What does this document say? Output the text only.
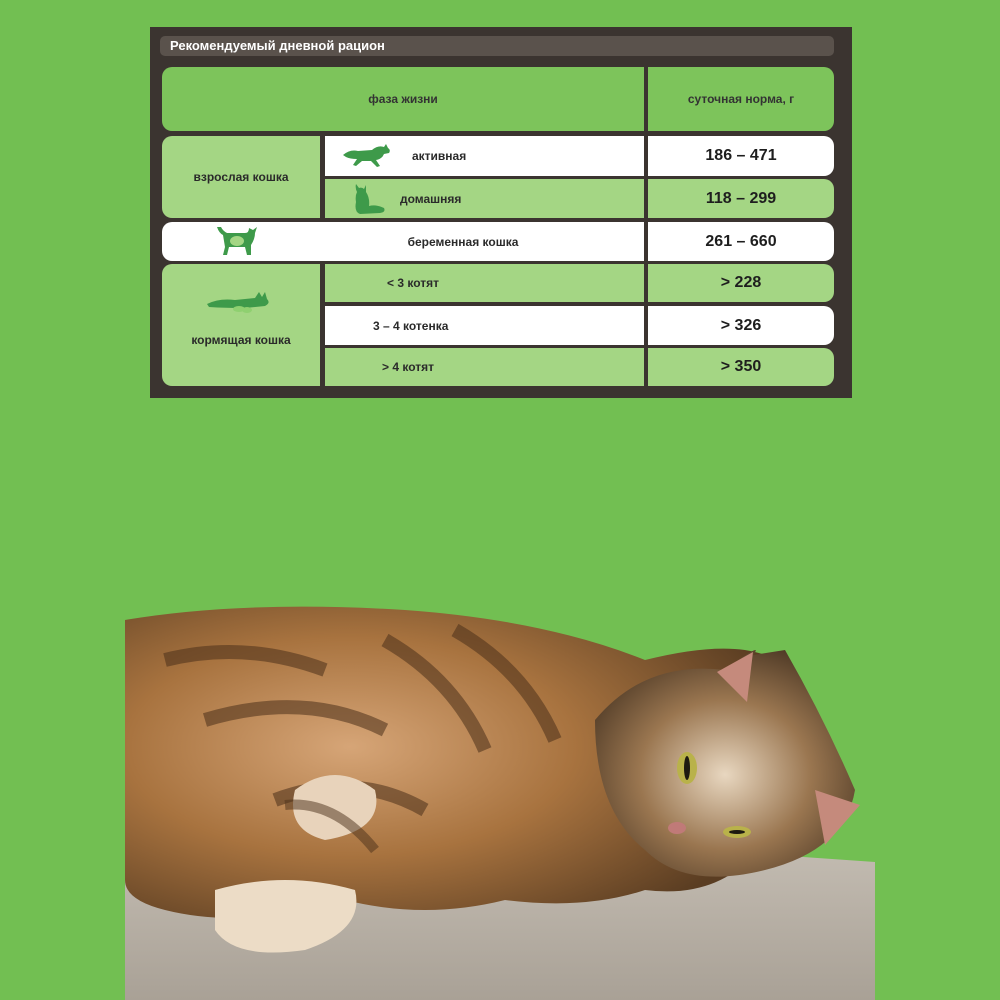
Рекомендуемый дневной рацион
фаза жизни	суточная норма, г
взрослая кошка
активная	186 – 471
домашняя	118 – 299
беременная кошка	261 – 660
кормящая кошка
< 3 котят	> 228
3 – 4 котенка	> 326
> 4 котят	> 350
